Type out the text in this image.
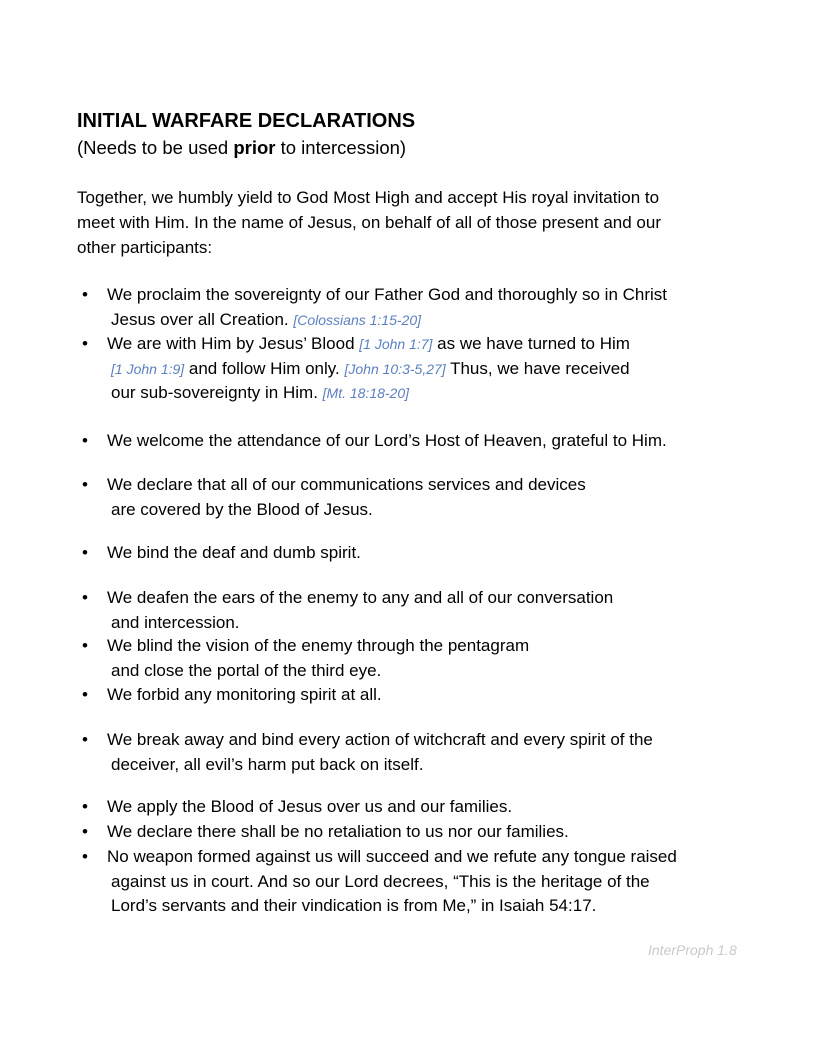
INITIAL WARFARE DECLARATIONS
(Needs to be used prior to intercession)
Together, we humbly yield to God Most High and accept His royal invitation to
meet with Him. In the name of Jesus, on behalf of all of those present and our
other participants:
•	We proclaim the sovereignty of our Father God and thoroughly so in Christ
Jesus over all Creation. [Colossians 1:15-20]
•	We are with Him by Jesus’ Blood [1 John 1:7] as we have turned to Him
[1 John 1:9] and follow Him only. [John 10:3-5,27] Thus, we have received
our sub-sovereignty in Him. [Mt. 18:18-20]
•	We welcome the attendance of our Lord’s Host of Heaven, grateful to Him.
•	We declare that all of our communications services and devices
are covered by the Blood of Jesus.
•	We bind the deaf and dumb spirit.
•	We deafen the ears of the enemy to any and all of our conversation
and intercession.
•	We blind the vision of the enemy through the pentagram
and close the portal of the third eye.
•	We forbid any monitoring spirit at all.
•	We break away and bind every action of witchcraft and every spirit of the
deceiver, all evil’s harm put back on itself.
•	We apply the Blood of Jesus over us and our families.
•	We declare there shall be no retaliation to us nor our families.
•	No weapon formed against us will succeed and we refute any tongue raised
against us in court. And so our Lord decrees, “This is the heritage of the
Lord’s servants and their vindication is from Me,” in Isaiah 54:17.
InterProph 1.8
